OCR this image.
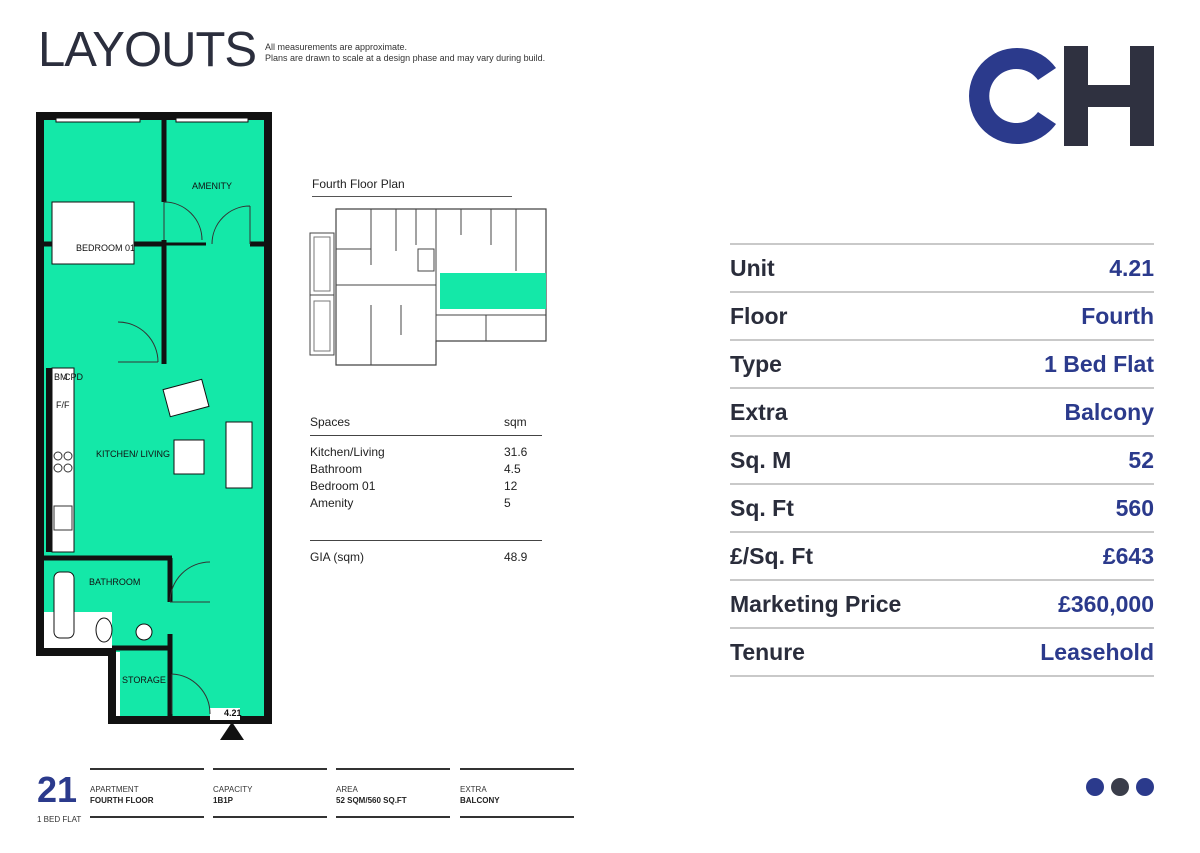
LAYOUTS All measurements are approximate.
Plans are drawn to scale at a design phase and may vary during build.
AMENITY
BEDROOM 01
KITCHEN/ LIVING
BATHROOM
STORAGE
BM
CPD
F/F
4.21
Fourth Floor Plan
Spaces	sqm
Kitchen/Living	31.6
Bathroom	4.5
Bedroom 01	12
Amenity	5
GIA (sqm)	48.9
Unit	4.21
Floor	Fourth
Type	1 Bed Flat
Extra	Balcony
Sq. M	52
Sq. Ft	560
£/Sq. Ft	£643
Marketing Price	£360,000
Tenure	Leasehold
21
1 BED FLAT
APARTMENT
FOURTH FLOOR
CAPACITY
1B1P
AREA
52 SQM/560 SQ.FT
EXTRA
BALCONY
